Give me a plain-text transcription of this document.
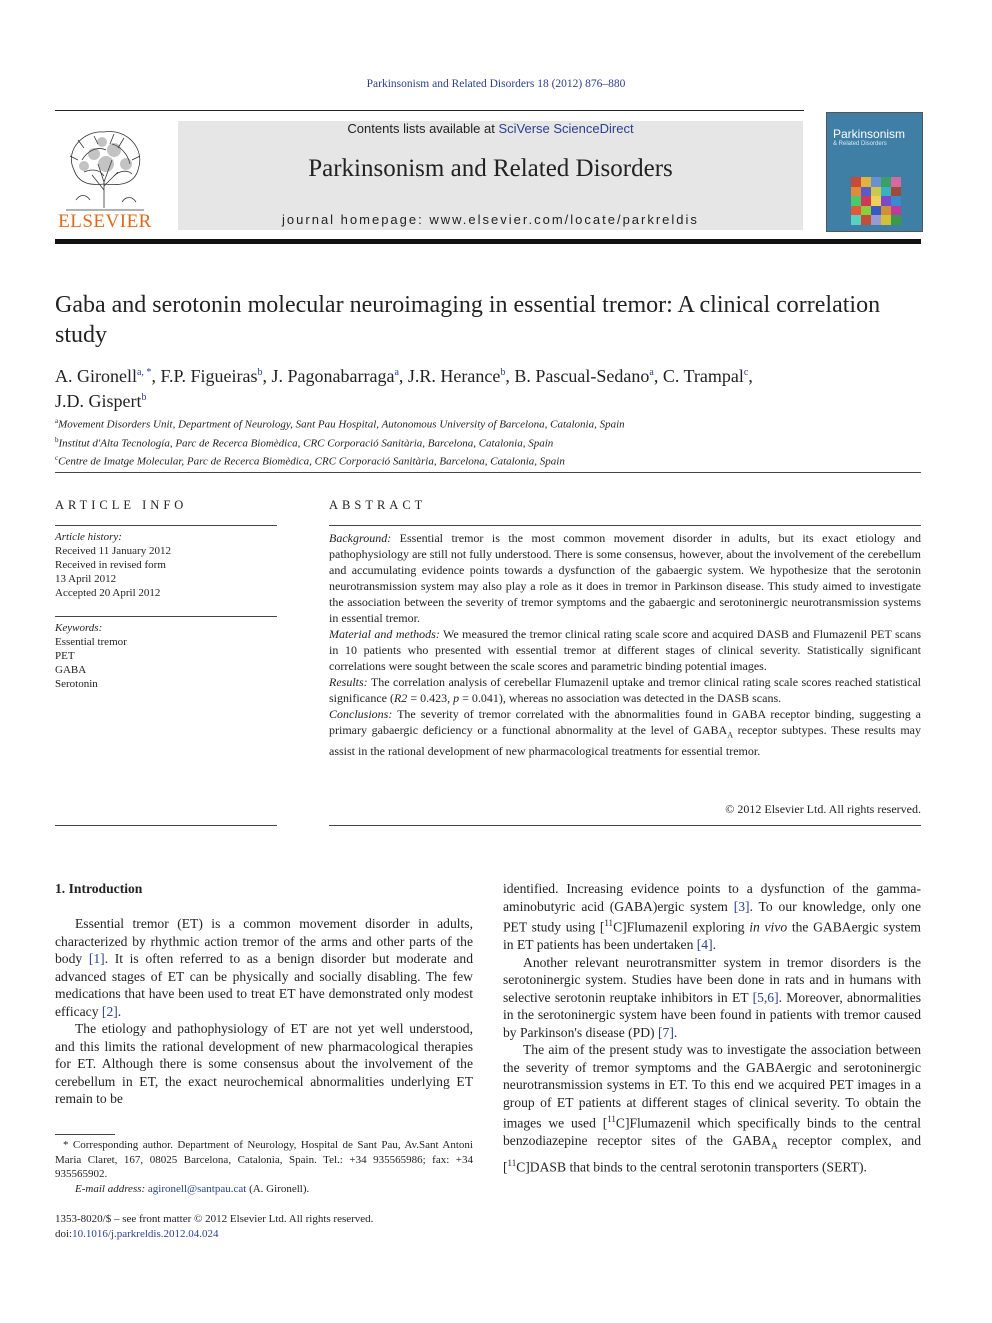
Parkinsonism and Related Disorders 18 (2012) 876–880
ELSEVIER
Contents lists available at SciVerse ScienceDirect
Parkinsonism and Related Disorders
journal homepage: www.elsevier.com/locate/parkreldis
Parkinsonism
& Related Disorders
Gaba and serotonin molecular neuroimaging in essential tremor: A clinical correlation study
A. Gironell$^{a, *}$, F.P. Figueiras$^b$, J. Pagonabarraga$^a$, J.R. Herance$^b$, B. Pascual-Sedano$^a$, C. Trampal$^c$,
J.D. Gispert$^b$
$^a$Movement Disorders Unit, Department of Neurology, Sant Pau Hospital, Autonomous University of Barcelona, Catalonia, Spain
$^b$Institut d'Alta Tecnología, Parc de Recerca Biomèdica, CRC Corporació Sanitària, Barcelona, Catalonia, Spain
$^c$Centre de Imatge Molecular, Parc de Recerca Biomèdica, CRC Corporació Sanitària, Barcelona, Catalonia, Spain
ARTICLE INFO
Article history:
Received 11 January 2012
Received in revised form
13 April 2012
Accepted 20 April 2012
Keywords:
Essential tremor
PET
GABA
Serotonin
ABSTRACT

Background: Essential tremor is the most common movement disorder in adults, but its exact etiology and pathophysiology are still not fully understood. There is some consensus, however, about the involvement of the cerebellum and accumulating evidence points towards a dysfunction of the gabaergic system. We hypothesize that the serotonin neurotransmission system may also play a role as it does in tremor in Parkinson disease. This study aimed to investigate the association between the severity of tremor symptoms and the gabaergic and serotoninergic neurotransmission systems in essential tremor.

Material and methods: We measured the tremor clinical rating scale score and acquired DASB and Flumazenil PET scans in 10 patients who presented with essential tremor at different stages of clinical severity. Statistically significant correlations were sought between the scale scores and parametric binding potential images.

Results: The correlation analysis of cerebellar Flumazenil uptake and tremor clinical rating scale scores reached statistical significance (R2 = 0.423, p = 0.041), whereas no association was detected in the DASB scans.

Conclusions: The severity of tremor correlated with the abnormalities found in GABA receptor binding, suggesting a primary gabaergic deficiency or a functional abnormality at the level of $GABA_A$ receptor subtypes. These results may assist in the rational development of new pharmacological treatments for essential tremor.

© 2012 Elsevier Ltd. All rights reserved.
1. Introduction

Essential tremor (ET) is a common movement disorder in adults, characterized by rhythmic action tremor of the arms and other parts of the body [1]. It is often referred to as a benign disorder but moderate and advanced stages of ET can be physically and socially disabling. The few medications that have been used to treat ET have demonstrated only modest efficacy [2].

The etiology and pathophysiology of ET are not yet well understood, and this limits the rational development of new pharmacological therapies for ET. Although there is some consensus about the involvement of the cerebellum in ET, the exact neurochemical abnormalities underlying ET remain to be

* Corresponding author. Department of Neurology, Hospital de Sant Pau, Av.Sant Antoni Maria Claret, 167, 08025 Barcelona, Catalonia, Spain. Tel.: +34 935565986; fax: +34 935565902.

E-mail address: agironell@santpau.cat (A. Gironell).

1353-8020/$ – see front matter © 2012 Elsevier Ltd. All rights reserved.
doi:10.1016/j.parkreldis.2012.04.024

identified. Increasing evidence points to a dysfunction of the gamma-aminobutyric acid (GABA)ergic system [3]. To our knowledge, only one PET study using [$^{11}$C]Flumazenil exploring in vivo the GABAergic system in ET patients has been undertaken [4].

Another relevant neurotransmitter system in tremor disorders is the serotoninergic system. Studies have been done in rats and in humans with selective serotonin reuptake inhibitors in ET [5,6]. Moreover, abnormalities in the serotoninergic system have been found in patients with tremor caused by Parkinson's disease (PD) [7].

The aim of the present study was to investigate the association between the severity of tremor symptoms and the GABAergic and serotoninergic neurotransmission systems in ET. To this end we acquired PET images in a group of ET patients at different stages of clinical severity. To obtain the images we used [$^{11}$C]Flumazenil which specifically binds to the central benzodiazepine receptor sites of the $GABA_A$ receptor complex, and [$^{11}$C]DASB that binds to the central serotonin transporters (SERT).
